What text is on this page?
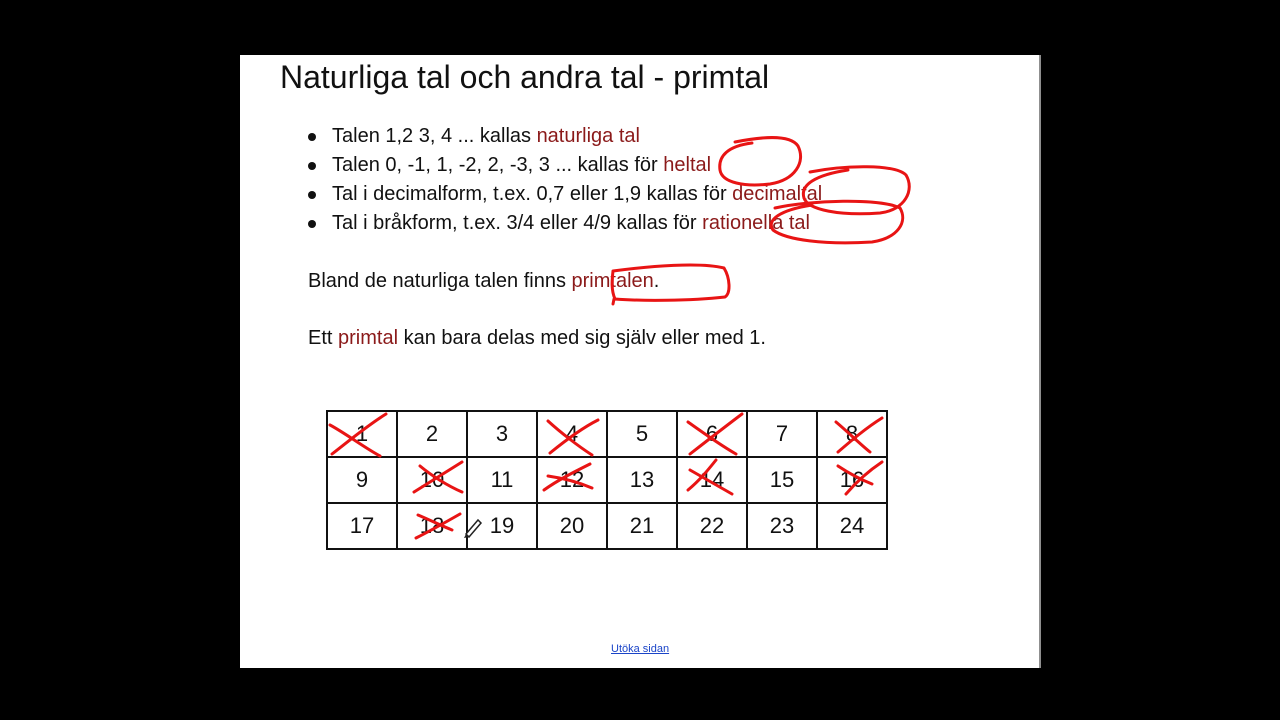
Naturliga tal och andra tal - primtal
Talen 1,2 3, 4 ... kallas naturliga tal
Talen 0, -1, 1, -2, 2, -3, 3 ... kallas för heltal
Tal i decimalform, t.ex. 0,7 eller 1,9 kallas för decimaltal
Tal i bråkform, t.ex. 3/4 eller 4/9 kallas för rationella tal

Bland de naturliga talen finns primtalen.

Ett primtal kan bara delas med sig själv eller med 1.

1	2	3	4	5	6	7	8
9	10	11	12	13	14	15	16
17	18	19	20	21	22	23	24
Utöka sidan
